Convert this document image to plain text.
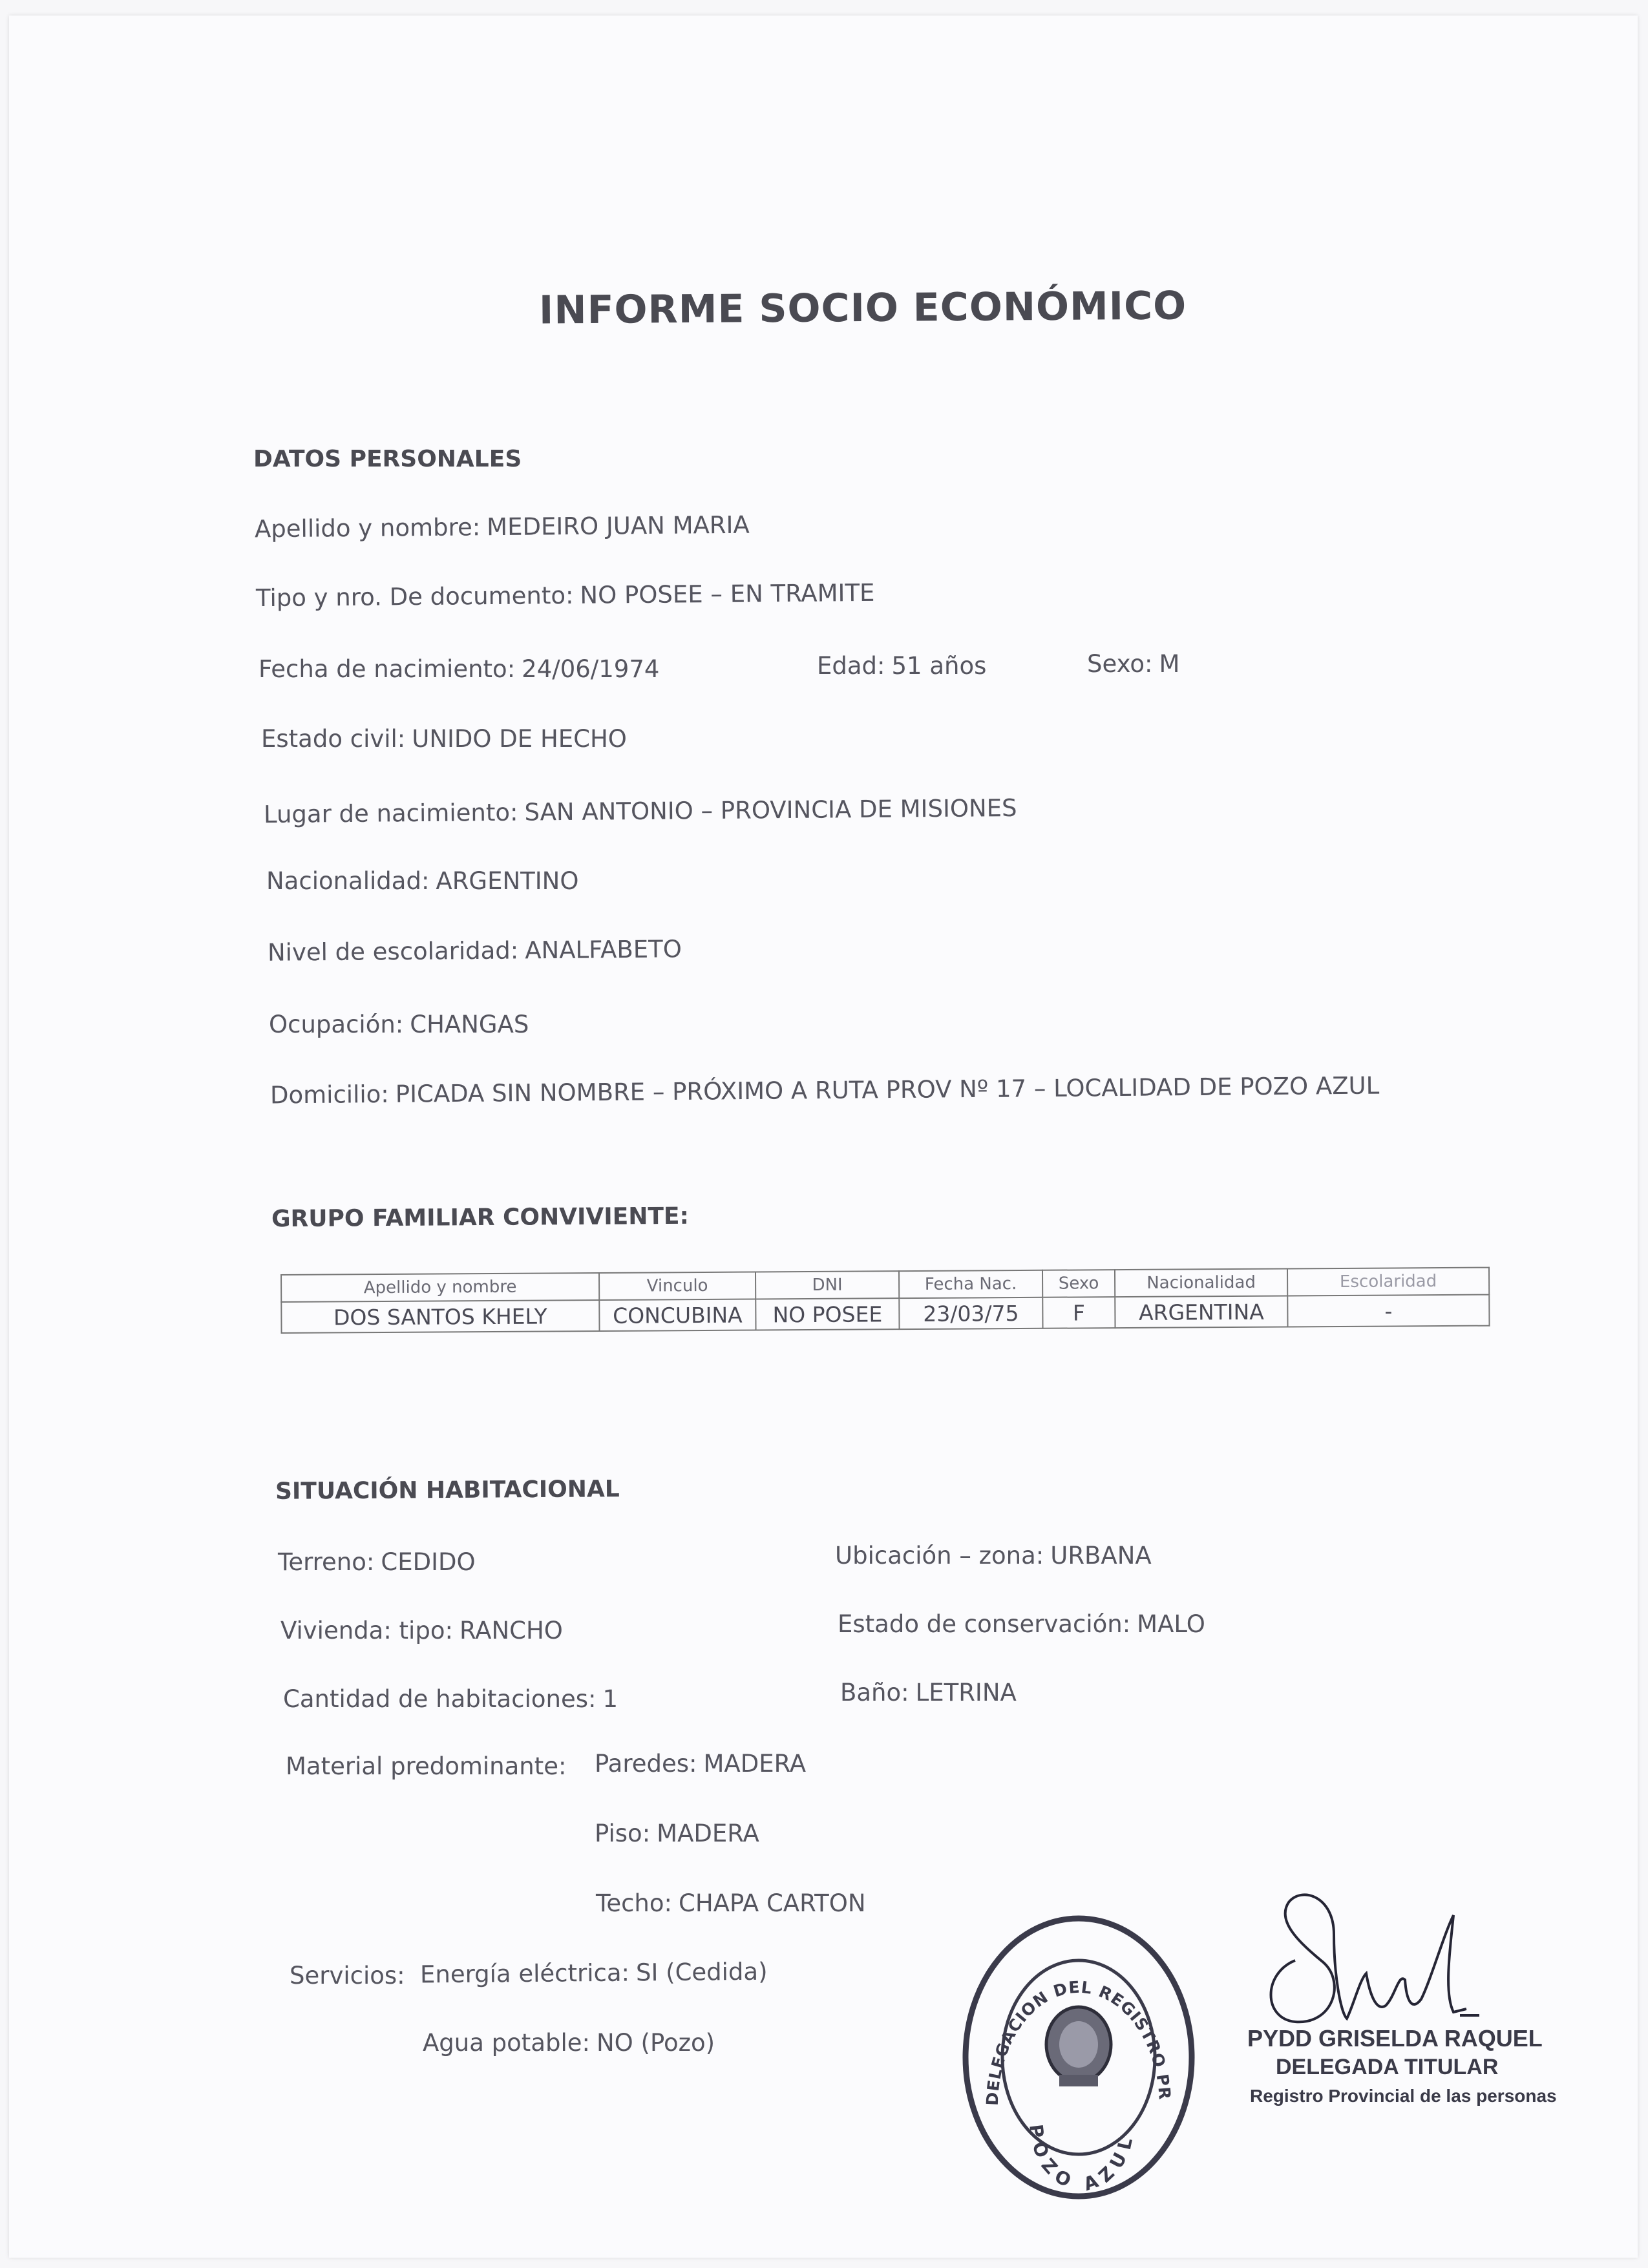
INFORME SOCIO ECONÓMICO
DATOS PERSONALES
Apellido y nombre: MEDEIRO JUAN MARIA
Tipo y nro. De documento: NO POSEE – EN TRAMITE
Fecha de nacimiento: 24/06/1974	Edad: 51 años	Sexo: M
Estado civil: UNIDO DE HECHO
Lugar de nacimiento: SAN ANTONIO – PROVINCIA DE MISIONES
Nacionalidad: ARGENTINO
Nivel de escolaridad: ANALFABETO
Ocupación: CHANGAS
Domicilio: PICADA SIN NOMBRE – PRÓXIMO A RUTA PROV Nº 17 – LOCALIDAD DE POZO AZUL
GRUPO FAMILIAR CONVIVIENTE:
Apellido y nombre	Vinculo	DNI	Fecha Nac.	Sexo	Nacionalidad	Escolaridad
DOS SANTOS KHELY	CONCUBINA	NO POSEE	23/03/75	F	ARGENTINA	-
SITUACIÓN HABITACIONAL
Terreno: CEDIDO	Ubicación – zona: URBANA
Vivienda: tipo: RANCHO	Estado de conservación: MALO
Cantidad de habitaciones: 1	Baño: LETRINA
Material predominante: Paredes: MADERA
Piso: MADERA
Techo: CHAPA CARTON
Servicios: Energía eléctrica: SI (Cedida)
Agua potable: NO (Pozo)
DELEGACION DEL REGISTRO PR
POZO AZUL
PYDD GRISELDA RAQUEL
DELEGADA TITULAR
Registro Provincial de las personas
